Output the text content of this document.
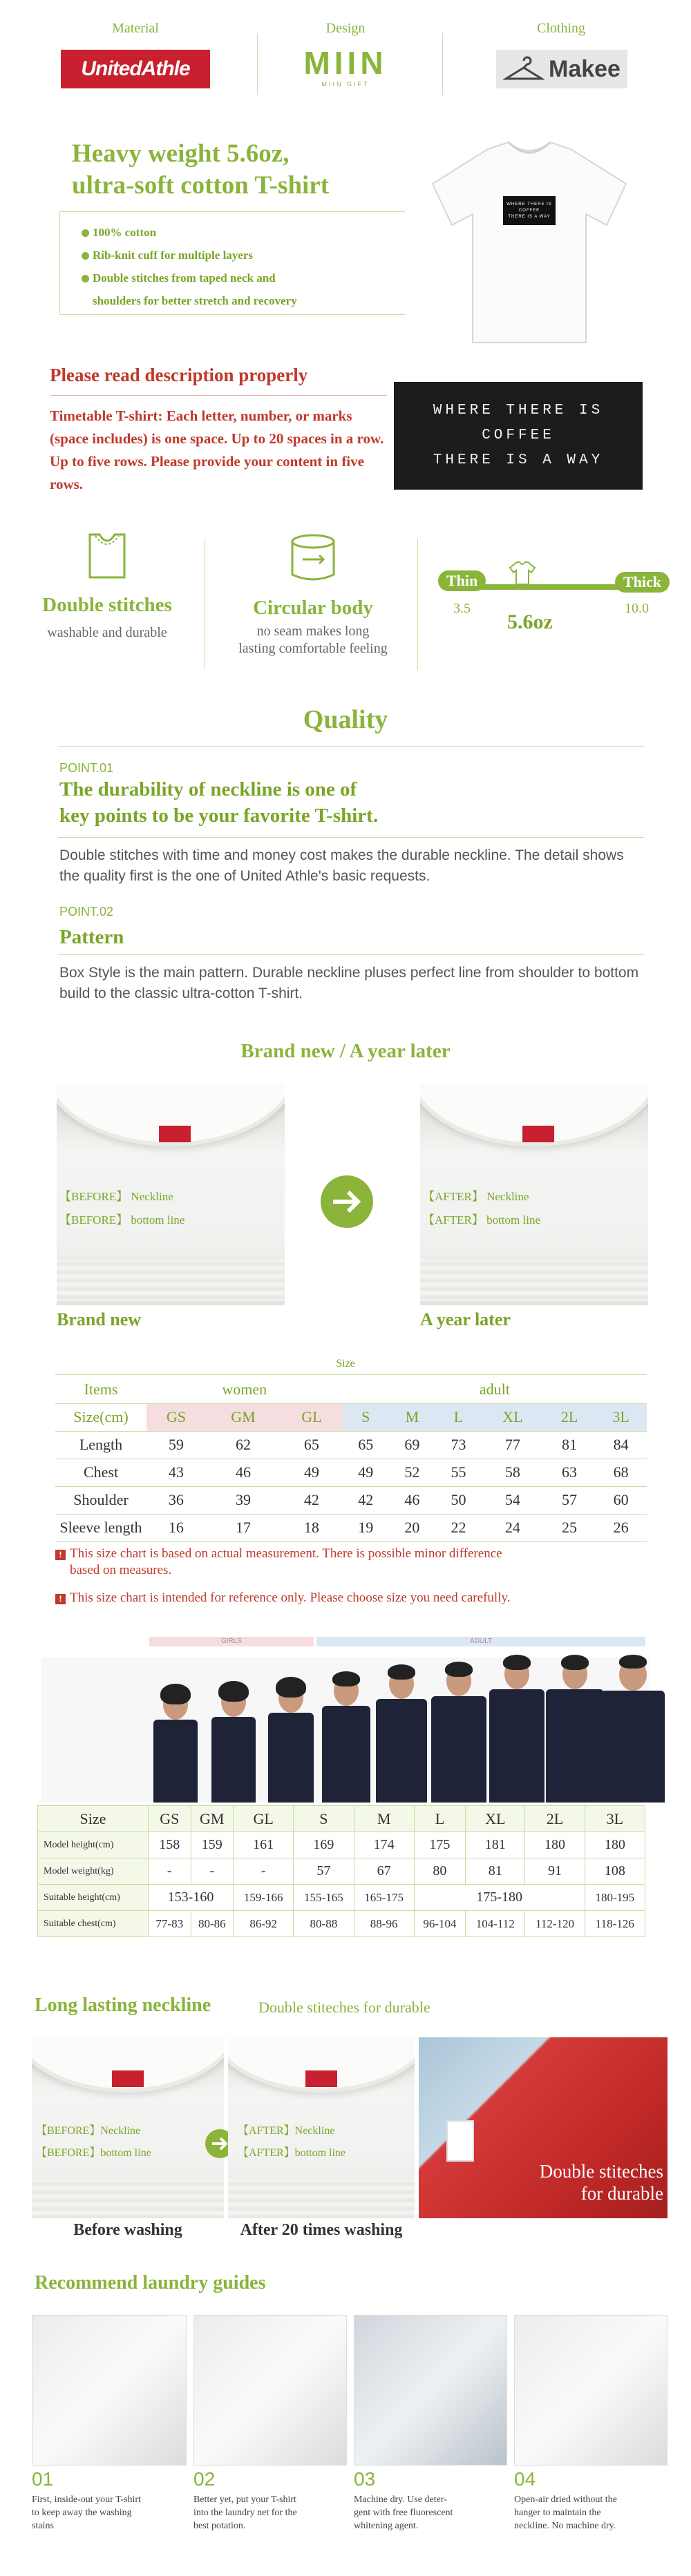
Material	Design	Clothing
UnitedAthle	MIIN
MIIN GIFT
Makee
Heavy weight 5.6oz,
ultra-soft cotton T-shirt
100% cotton
Rib-knit cuff for multiple layers
Double stitches from taped neck and
shoulders for better stretch and recovery
WHERE THERE IS
COFFEE
THERE IS A WAY
Please read description properly
Timetable T-shirt: Each letter, number, or marks (space includes) is one space. Up to 20 spaces in a row. Up to five rows. Please provide your content in five rows.
WHERE THERE IS
COFFEE
THERE IS A WAY
Double stitches
washable and durable
Circular body
no seam makes long
lasting comfortable feeling
Thin	Thick
3.5	10.0
5.6oz
Quality
POINT.01
The durability of neckline is one of
key points to be your favorite T-shirt.
Double stitches with time and money cost makes the durable neckline. The detail shows the quality first is the one of United Athle's basic requests.
POINT.02
Pattern
Box Style is the main pattern. Durable neckline pluses perfect line from shoulder to bottom build to the classic ultra-cotton T-shirt.
Brand new / A year later
【BEFORE】 Neckline
【BEFORE】 bottom line
【AFTER】 Neckline
【AFTER】 bottom line
Brand new	A year later
Size
Items	women			adult					
Size(cm)	GS	GM	GL	S	M	L	XL	2L	3L
Length	59	62	65	65	69	73	77	81	84
Chest	43	46	49	49	52	55	58	63	68
Shoulder	36	39	42	42	46	50	54	57	60
Sleeve length	16	17	18	19	20	22	24	25	26
! This size chart is based on actual measurement. There is possible minor difference
based on measures.
! This size chart is intended for reference only. Please choose size you need carefully.
GIRLS	ADULT
Size	GS	GM	GL	S	M	L	XL	2L	3L
Model height(cm)	158	159	161	169	174	175	181	180	180
Model weight(kg)	-	-	-	57	67	80	81	91	108
Suitable height(cm)	153-160		159-166	155-165	165-175	175-180			180-195
Suitable chest(cm)	77-83	80-86	86-92	80-88	88-96	96-104	104-112	112-120	118-126
Long lasting neckline	Double stiteches for durable
【BEFORE】Neckline
【BEFORE】bottom line
【AFTER】Neckline
【AFTER】bottom line
Double stiteches
for durable
Before washing	After 20 times washing
Recommend laundry guides
01
First, inside-out your T-shirt
to keep away the washing
stains
02
Better yet, put your T-shirt
into the laundry net for the
best potation.
03
Machine dry. Use deter-
gent with free fluorescent
whitening agent.
04
Open-air dried without the
hanger to maintain the
neckline. No machine dry.
